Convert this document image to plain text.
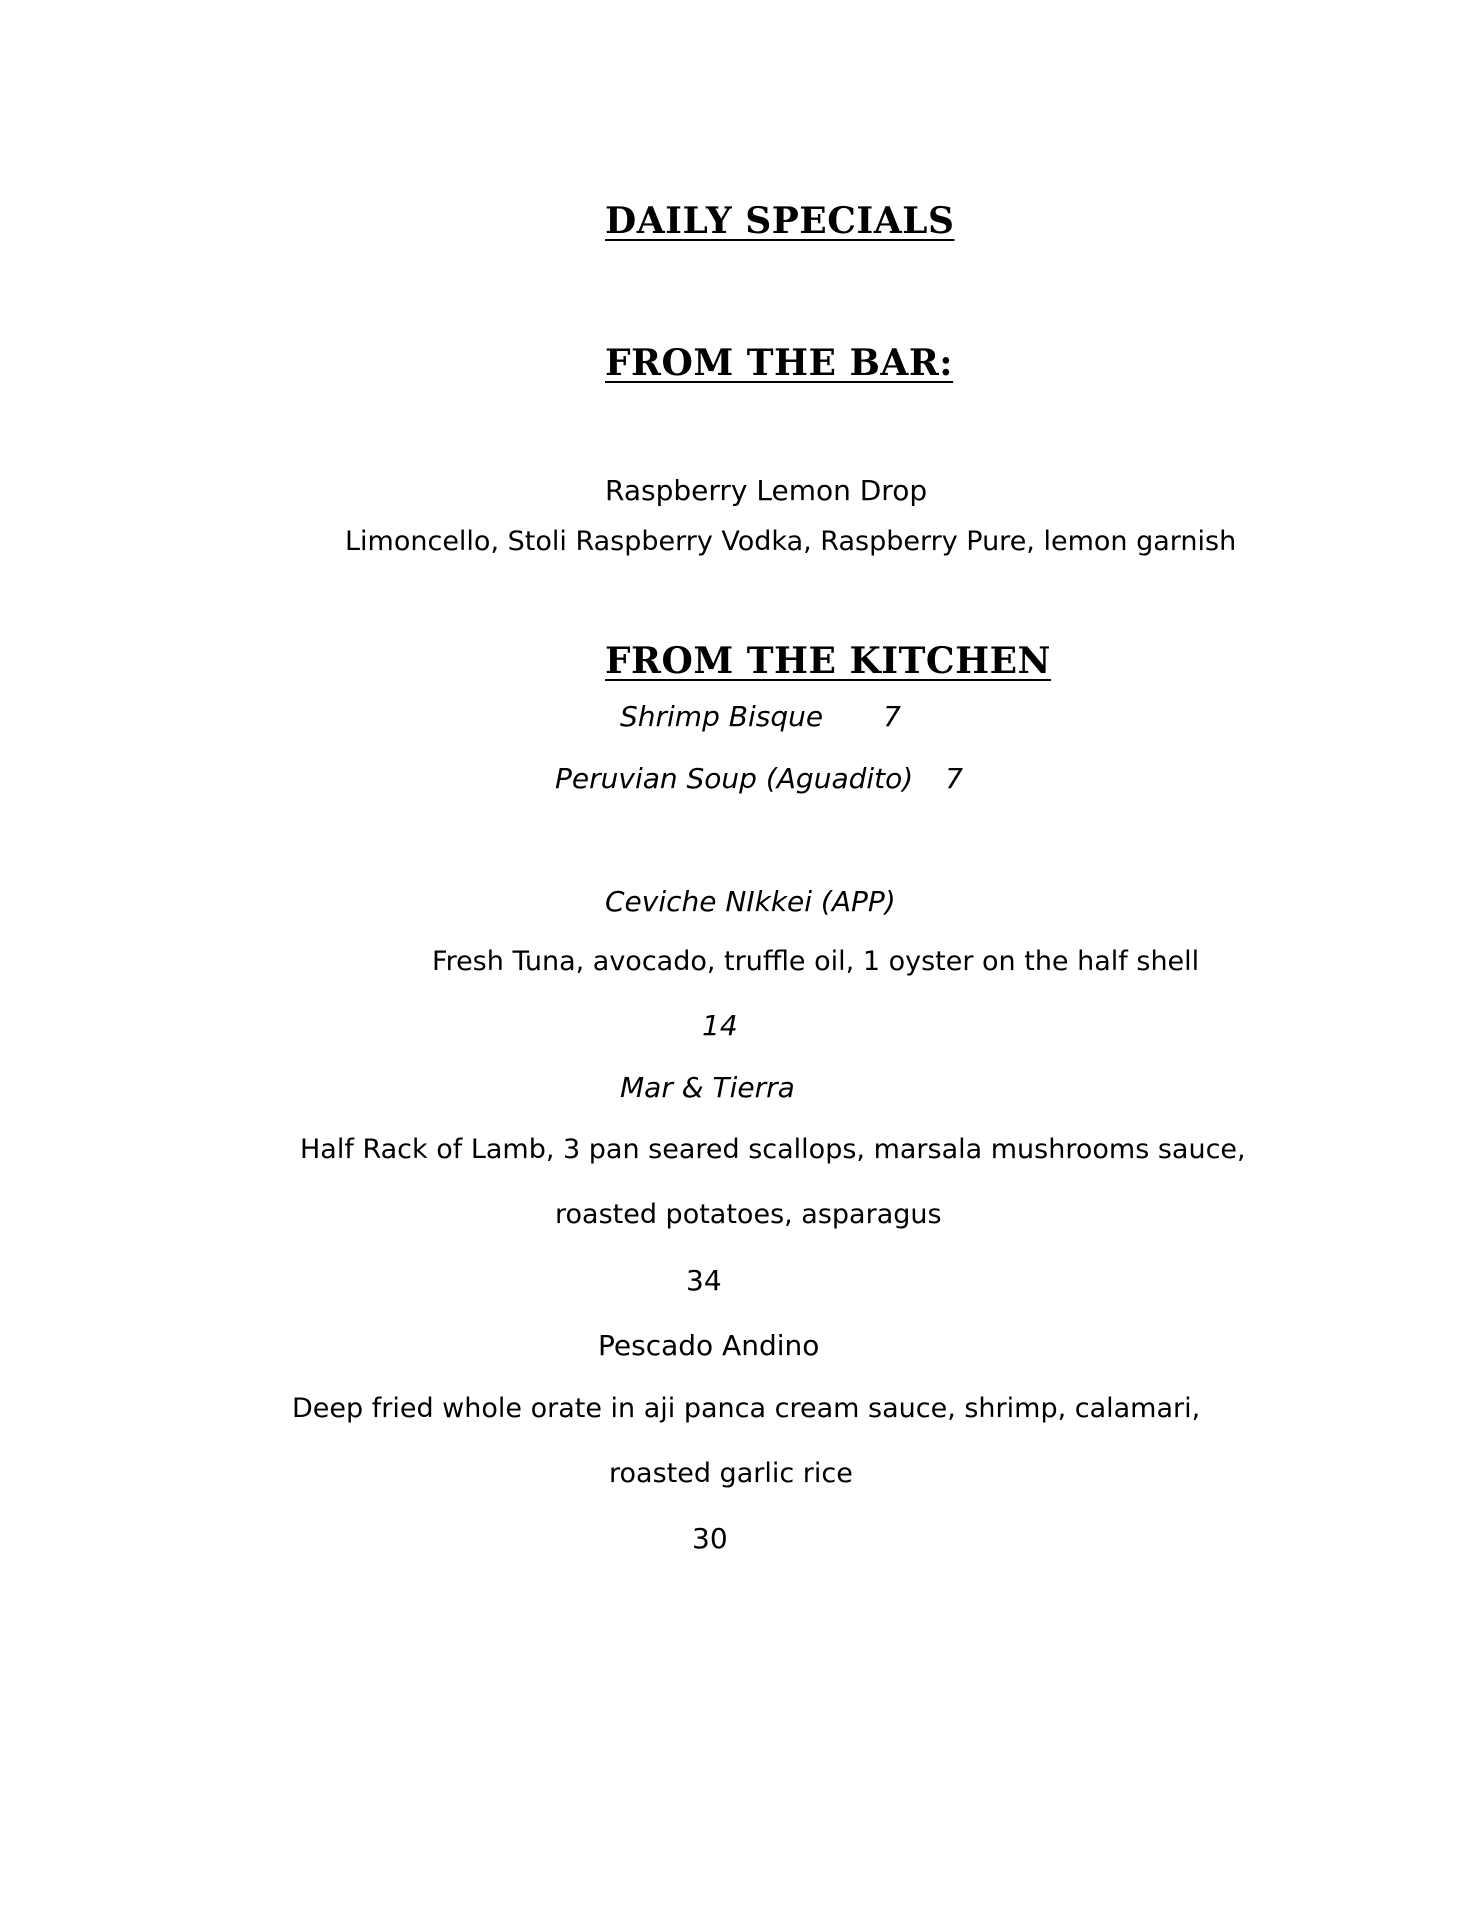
DAILY SPECIALS
FROM THE BAR:
Raspberry Lemon Drop
Limoncello, Stoli Raspberry Vodka, Raspberry Pure, lemon garnish
FROM THE KITCHEN
Shrimp Bisque 7
Peruvian Soup (Aguadito) 7
Ceviche NIkkei (APP)
Fresh Tuna, avocado, truffle oil, 1 oyster on the half shell
14
Mar & Tierra
Half Rack of Lamb, 3 pan seared scallops, marsala mushrooms sauce,
roasted potatoes, asparagus
34
Pescado Andino
Deep fried whole orate in aji panca cream sauce, shrimp, calamari,
roasted garlic rice
30
